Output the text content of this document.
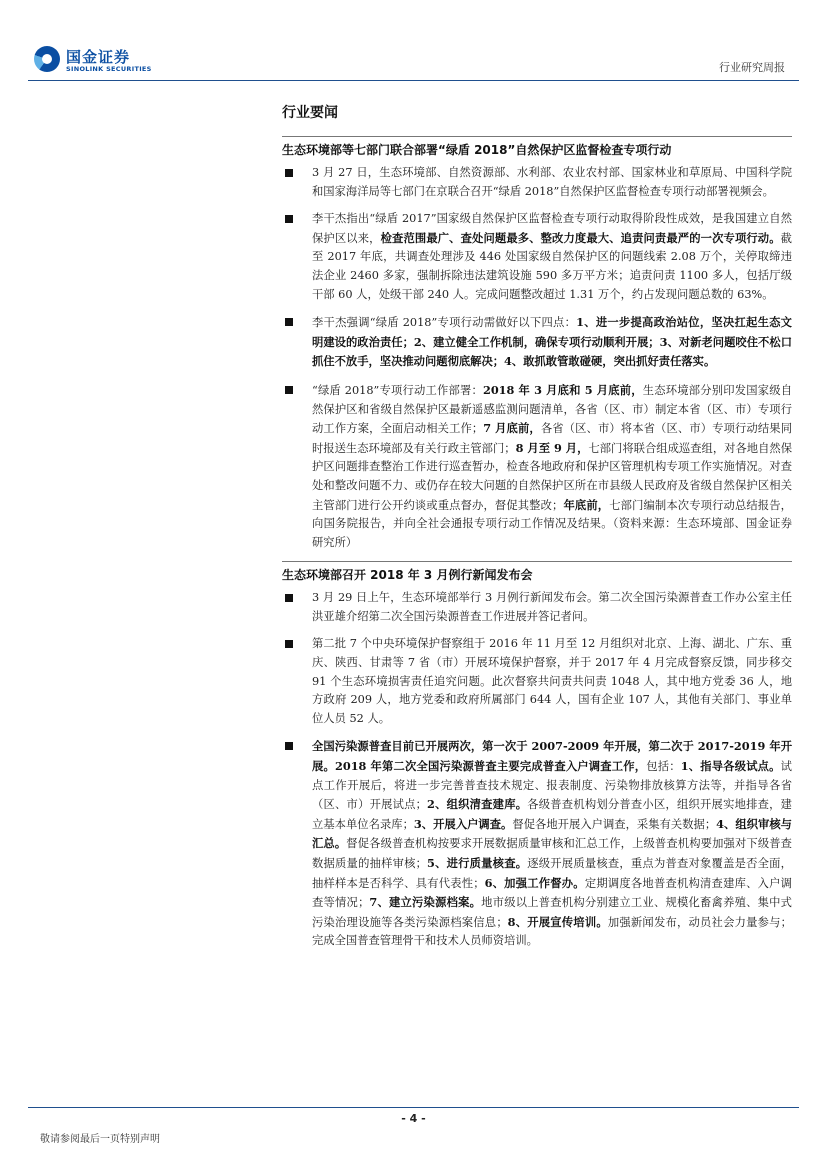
国金证券
SINOLINK SECURITIES	行业研究周报
行业要闻
生态环境部等七部门联合部署“绿盾 2018”自然保护区监督检查专项行动
3 月 27 日，生态环境部、自然资源部、水利部、农业农村部、国家林业和草原局、中国科学院和国家海洋局等七部门在京联合召开“绿盾 2018”自然保护区监督检查专项行动部署视频会。
李干杰指出“绿盾 2017”国家级自然保护区监督检查专项行动取得阶段性成效，是我国建立自然保护区以来，检查范围最广、查处问题最多、整改力度最大、追责问责最严的一次专项行动。截至 2017 年底，共调查处理涉及 446 处国家级自然保护区的问题线索 2.08 万个，关停取缔违法企业 2460 多家，强制拆除违法建筑设施 590 多万平方米；追责问责 1100 多人，包括厅级干部 60 人，处级干部 240 人。完成问题整改超过 1.31 万个，约占发现问题总数的 63%。
李干杰强调“绿盾 2018”专项行动需做好以下四点：1、进一步提高政治站位，坚决扛起生态文明建设的政治责任；2、建立健全工作机制，确保专项行动顺利开展；3、对新老问题咬住不松口抓住不放手，坚决推动问题彻底解决；4、敢抓敢管敢碰硬，突出抓好责任落实。
“绿盾 2018”专项行动工作部署：2018 年 3 月底和 5 月底前，生态环境部分别印发国家级自然保护区和省级自然保护区最新遥感监测问题清单，各省（区、市）制定本省（区、市）专项行动工作方案，全面启动相关工作；7 月底前，各省（区、市）将本省（区、市）专项行动结果同时报送生态环境部及有关行政主管部门；8 月至 9 月，七部门将联合组成巡查组，对各地自然保护区问题排查整治工作进行巡查暂办，检查各地政府和保护区管理机构专项工作实施情况。对查处和整改问题不力、或仍存在较大问题的自然保护区所在市县级人民政府及省级自然保护区相关主管部门进行公开约谈或重点督办，督促其整改；年底前，七部门编制本次专项行动总结报告，向国务院报告，并向全社会通报专项行动工作情况及结果。（资料来源：生态环境部、国金证券研究所）
生态环境部召开 2018 年 3 月例行新闻发布会
3 月 29 日上午，生态环境部举行 3 月例行新闻发布会。第二次全国污染源普查工作办公室主任洪亚雄介绍第二次全国污染源普查工作进展并答记者问。
第二批 7 个中央环境保护督察组于 2016 年 11 月至 12 月组织对北京、上海、湖北、广东、重庆、陕西、甘肃等 7 省（市）开展环境保护督察，并于 2017 年 4 月完成督察反馈，同步移交 91 个生态环境损害责任追究问题。此次督察共问责共问责 1048 人，其中地方党委 36 人，地方政府 209 人，地方党委和政府所属部门 644 人，国有企业 107 人，其他有关部门、事业单位人员 52 人。
全国污染源普查目前已开展两次，第一次于 2007-2009 年开展，第二次于 2017-2019 年开展。2018 年第二次全国污染源普查主要完成普查入户调查工作，包括：1、指导各级试点。试点工作开展后，将进一步完善普查技术规定、报表制度、污染物排放核算方法等，并指导各省（区、市）开展试点；2、组织清查建库。各级普查机构划分普查小区，组织开展实地排查，建立基本单位名录库；3、开展入户调查。督促各地开展入户调查，采集有关数据；4、组织审核与汇总。督促各级普查机构按要求开展数据质量审核和汇总工作，上级普查机构要加强对下级普查数据质量的抽样审核；5、进行质量核查。逐级开展质量核查，重点为普查对象覆盖是否全面，抽样样本是否科学、具有代表性；6、加强工作督办。定期调度各地普查机构清查建库、入户调查等情况；7、建立污染源档案。地市级以上普查机构分别建立工业、规模化畜禽养殖、集中式污染治理设施等各类污染源档案信息；8、开展宣传培训。加强新闻发布，动员社会力量参与；完成全国普查管理骨干和技术人员师资培训。
- 4 -
敬请参阅最后一页特别声明
